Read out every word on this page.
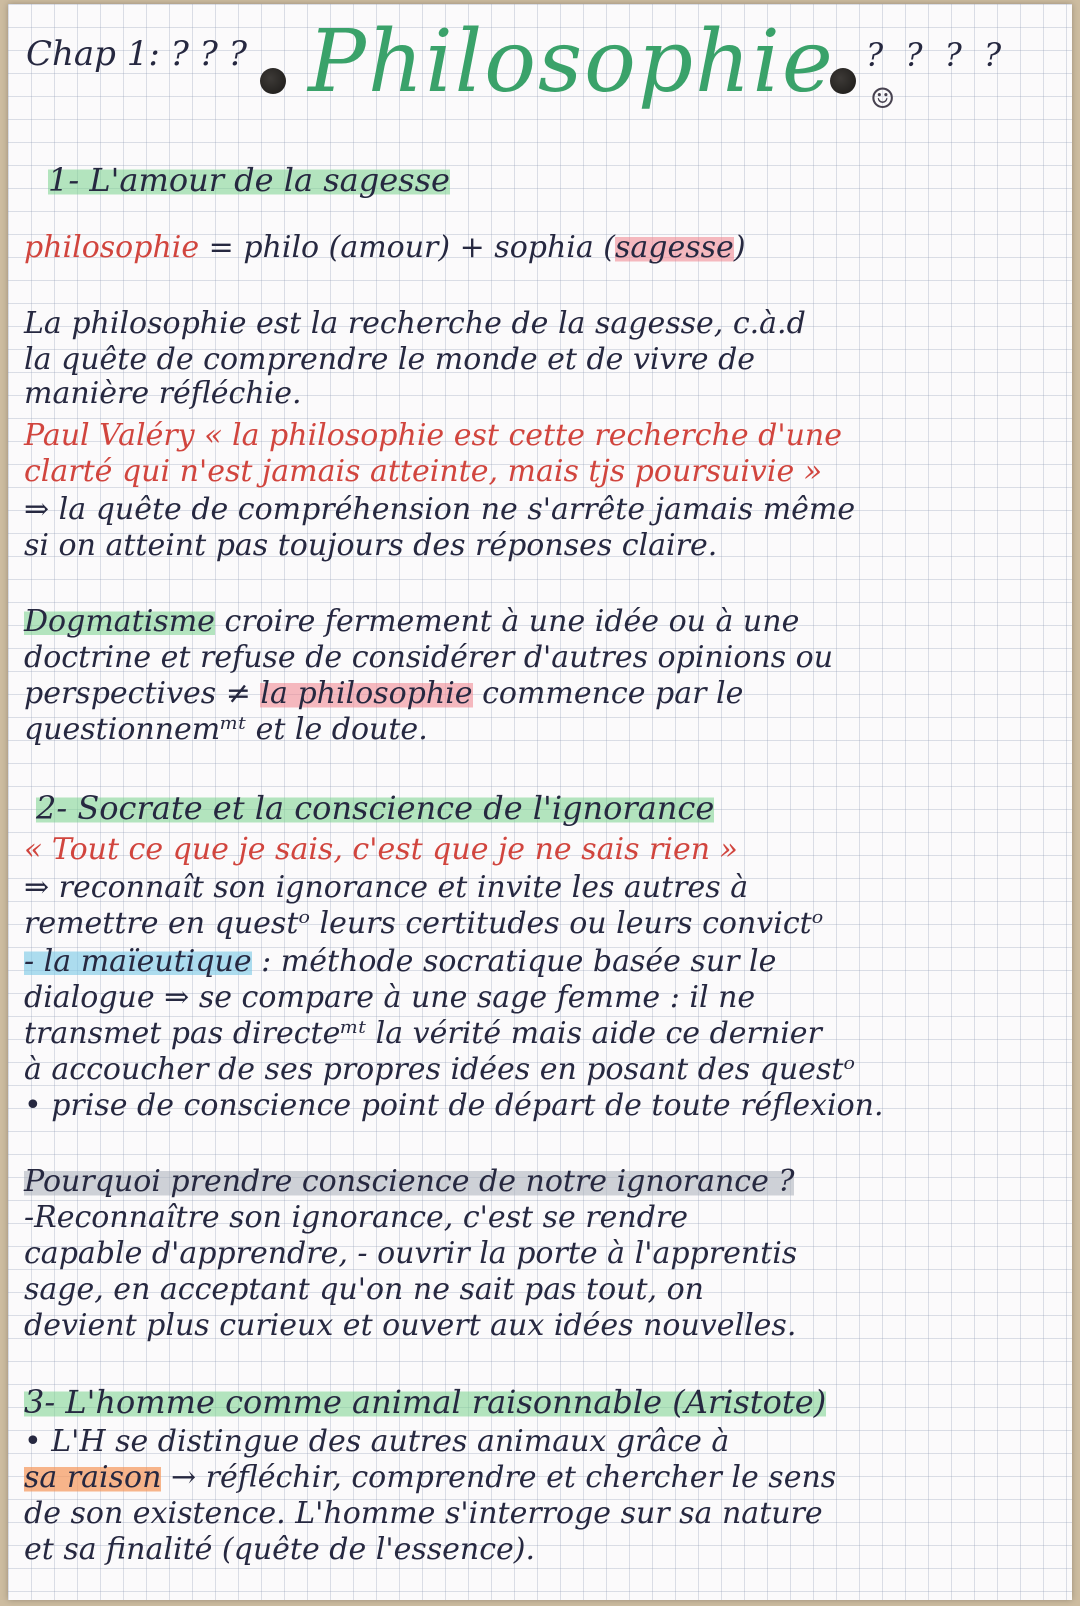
Chap 1: ? ? ? Philosophie ? ? ? ?
☺
1- L'amour de la sagesse
philosophie = philo (amour) + sophia (sagesse)
La philosophie est la recherche de la sagesse, c.à.d
la quête de comprendre le monde et de vivre de
manière réfléchie.
Paul Valéry « la philosophie est cette recherche d'une
clarté qui n'est jamais atteinte, mais tjs poursuivie »
⇒ la quête de compréhension ne s'arrête jamais même
si on atteint pas toujours des réponses claire.
Dogmatisme croire fermement à une idée ou à une
doctrine et refuse de considérer d'autres opinions ou
perspectives ≠ la philosophie commence par le
questionnemᵐᵗ et le doute.
2- Socrate et la conscience de l'ignorance
« Tout ce que je sais, c'est que je ne sais rien »
⇒ reconnaît son ignorance et invite les autres à
remettre en questᵒ leurs certitudes ou leurs convictᵒ
- la maïeutique : méthode socratique basée sur le
dialogue ⇒ se compare à une sage femme : il ne
transmet pas directeᵐᵗ la vérité mais aide ce dernier
à accoucher de ses propres idées en posant des questᵒ
• prise de conscience point de départ de toute réflexion.
Pourquoi prendre conscience de notre ignorance ?
-Reconnaître son ignorance, c'est se rendre
capable d'apprendre, - ouvrir la porte à l'apprentis
sage, en acceptant qu'on ne sait pas tout, on
devient plus curieux et ouvert aux idées nouvelles.
3- L'homme comme animal raisonnable (Aristote)
• L'H se distingue des autres animaux grâce à
sa raison → réfléchir, comprendre et chercher le sens
de son existence. L'homme s'interroge sur sa nature
et sa finalité (quête de l'essence).
